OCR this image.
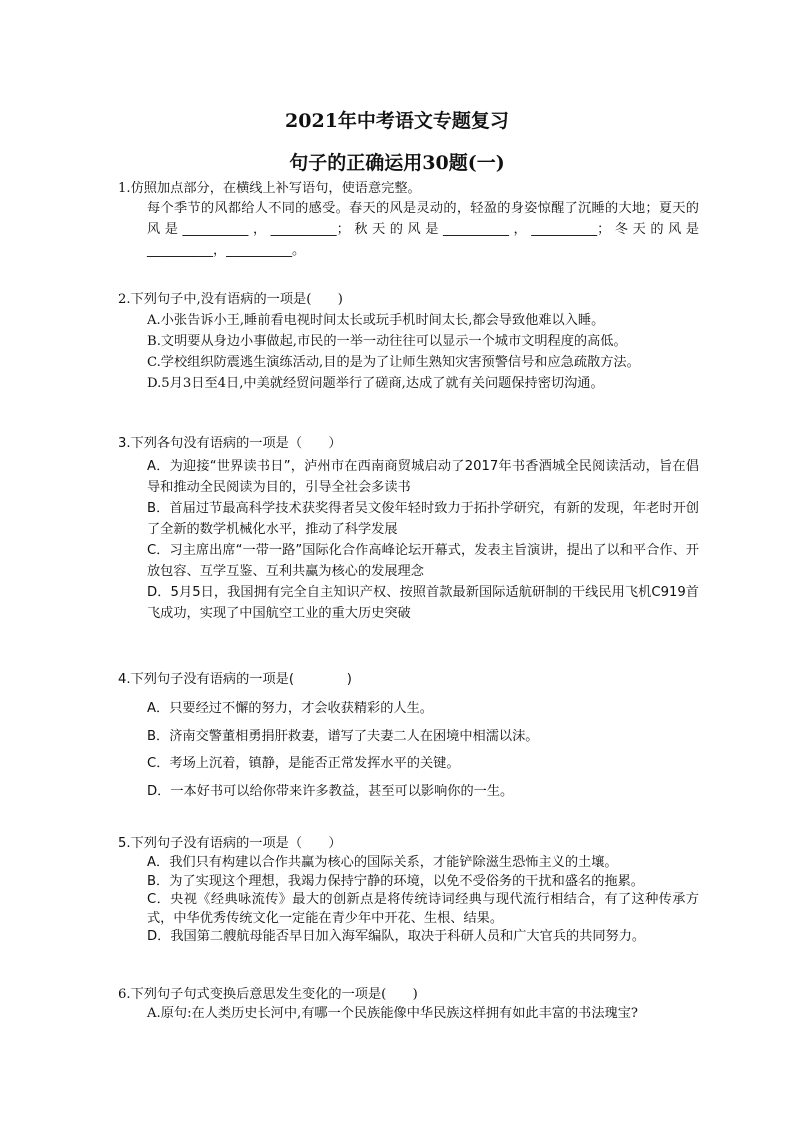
2021年中考语文专题复习
句子的正确运用30题(一)
1.仿照加点部分，在横线上补写语句，使语意完整。
每个季节的风都给人不同的感受。春天的风是灵动的，轻盈的身姿惊醒了沉睡的大地；夏天的风是__________，__________；秋天的风是__________，__________；冬天的风是__________，__________。
2.下列句子中,没有语病的一项是(　　)
A.小张告诉小王,睡前看电视时间太长或玩手机时间太长,都会导致他难以入睡。
B.文明要从身边小事做起,市民的一举一动往往可以显示一个城市文明程度的高低。
C.学校组织防震逃生演练活动,目的是为了让师生熟知灾害预警信号和应急疏散方法。
D.5月3日至4日,中美就经贸问题举行了磋商,达成了就有关问题保持密切沟通。
3.下列各句没有语病的一项是（　　）
A．为迎接“世界读书日”，泸州市在西南商贸城启动了2017年书香酒城全民阅读活动，旨在倡导和推动全民阅读为目的，引导全社会多读书
B．首届过节最高科学技术获奖得者吴文俊年轻时致力于拓扑学研究，有新的发现，年老时开创了全新的数学机械化水平，推动了科学发展
C．习主席出席“一带一路”国际化合作高峰论坛开幕式，发表主旨演讲，提出了以和平合作、开放包容、互学互鉴、互利共赢为核心的发展理念
D．5月5日，我国拥有完全自主知识产权、按照首款最新国际适航研制的干线民用飞机C919首飞成功，实现了中国航空工业的重大历史突破
4.下列句子没有语病的一项是(　　　　)
A．只要经过不懈的努力，才会收获精彩的人生。
B．济南交警董相勇捐肝救妻，谱写了夫妻二人在困境中相濡以沫。
C．考场上沉着，镇静，是能否正常发挥水平的关键。
D．一本好书可以给你带来许多教益，甚至可以影响你的一生。
5.下列句子没有语病的一项是（　　）
A．我们只有构建以合作共赢为核心的国际关系，才能铲除滋生恐怖主义的土壤。
B．为了实现这个理想，我竭力保持宁静的环境，以免不受俗务的干扰和盛名的拖累。
C．央视《经典咏流传》最大的创新点是将传统诗词经典与现代流行相结合，有了这种传承方式，中华优秀传统文化一定能在青少年中开花、生根、结果。
D．我国第二艘航母能否早日加入海军编队，取决于科研人员和广大官兵的共同努力。
6.下列句子句式变换后意思发生变化的一项是(　　)
A.原句:在人类历史长河中,有哪一个民族能像中华民族这样拥有如此丰富的书法瑰宝?
